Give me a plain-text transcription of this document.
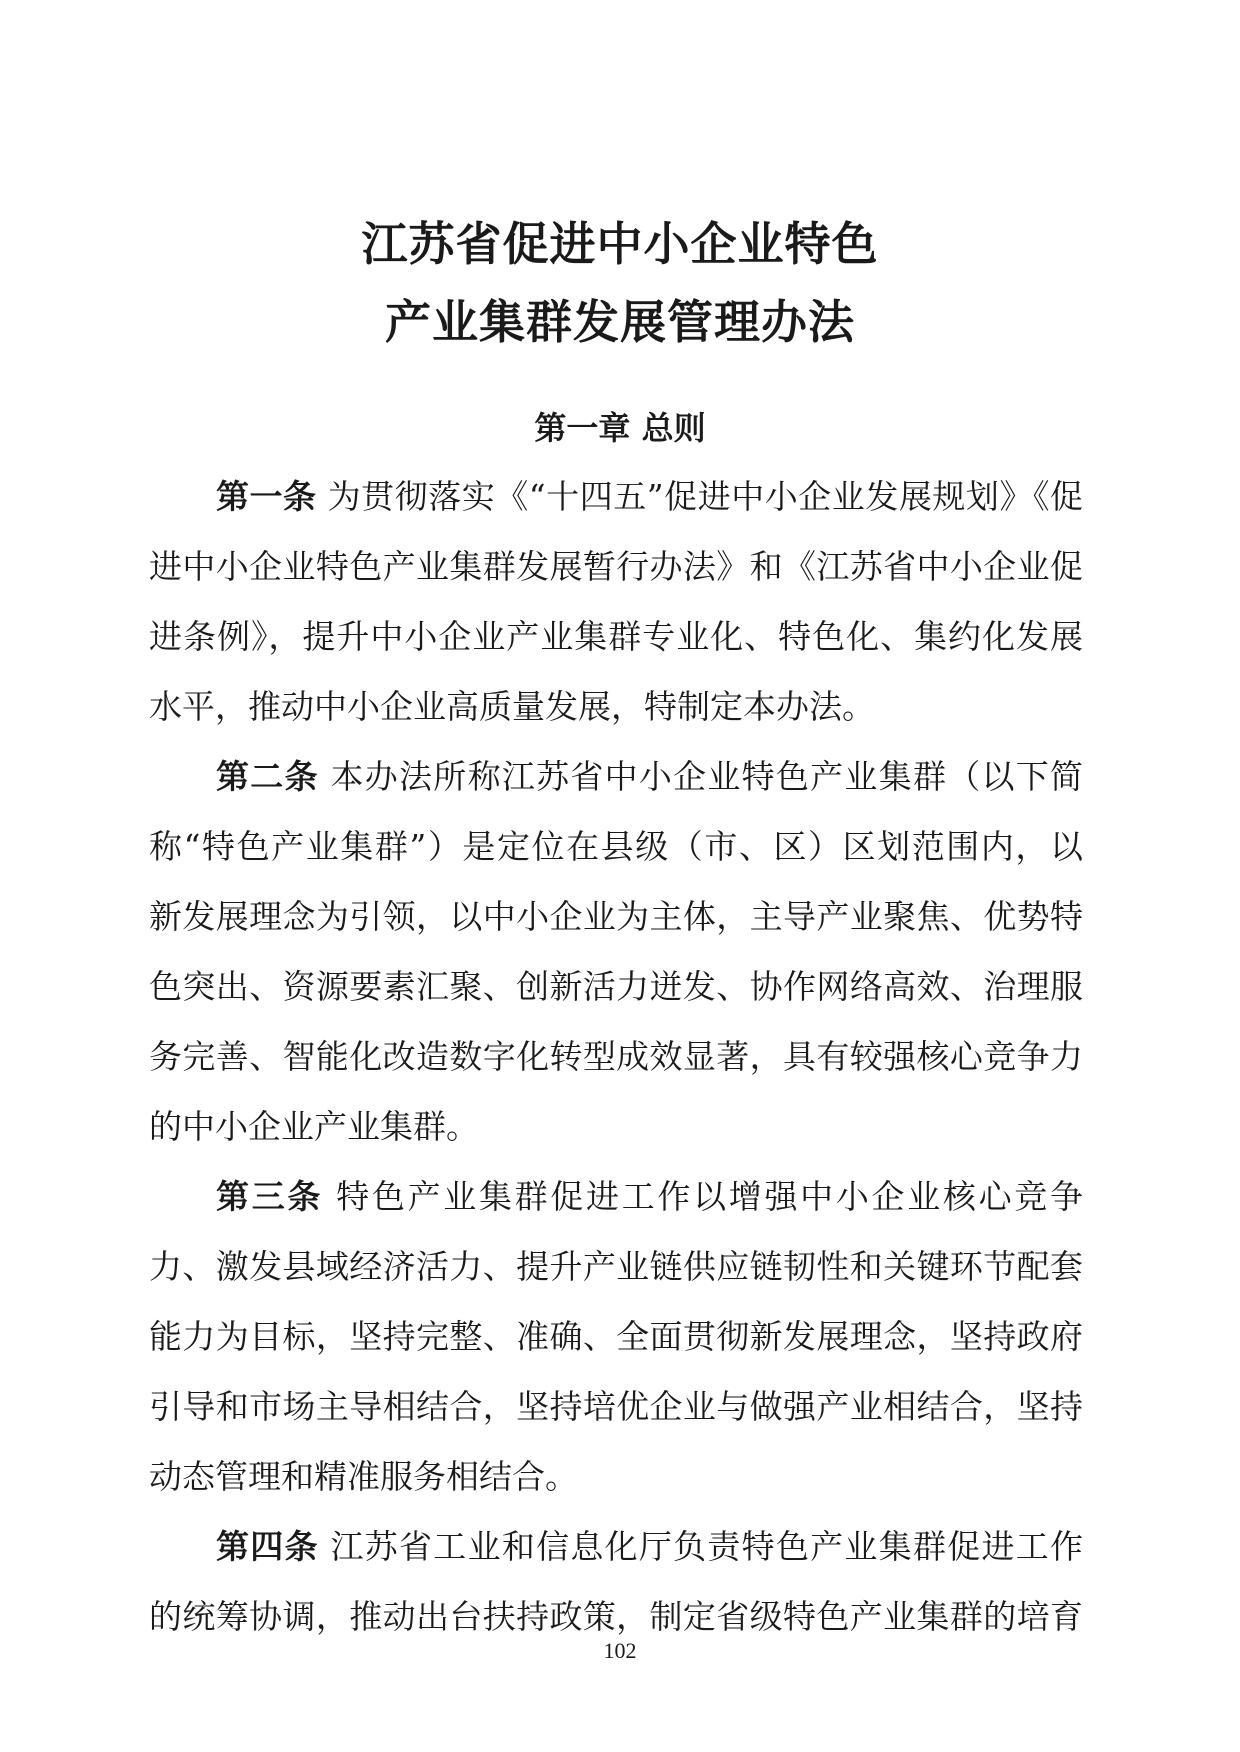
江苏省促进中小企业特色
产业集群发展管理办法
第一章 总则
第一条 为贯彻落实《“十四五”促进中小企业发展规划》《促
进中小企业特色产业集群发展暂行办法》和《江苏省中小企业促
进条例》，提升中小企业产业集群专业化、特色化、集约化发展
水平，推动中小企业高质量发展，特制定本办法。
第二条 本办法所称江苏省中小企业特色产业集群（以下简
称“特色产业集群”）是定位在县级（市、区）区划范围内，以
新发展理念为引领，以中小企业为主体，主导产业聚焦、优势特
色突出、资源要素汇聚、创新活力迸发、协作网络高效、治理服
务完善、智能化改造数字化转型成效显著，具有较强核心竞争力
的中小企业产业集群。
第三条 特色产业集群促进工作以增强中小企业核心竞争
力、激发县域经济活力、提升产业链供应链韧性和关键环节配套
能力为目标，坚持完整、准确、全面贯彻新发展理念，坚持政府
引导和市场主导相结合，坚持培优企业与做强产业相结合，坚持
动态管理和精准服务相结合。
第四条 江苏省工业和信息化厅负责特色产业集群促进工作
的统筹协调，推动出台扶持政策，制定省级特色产业集群的培育
102
